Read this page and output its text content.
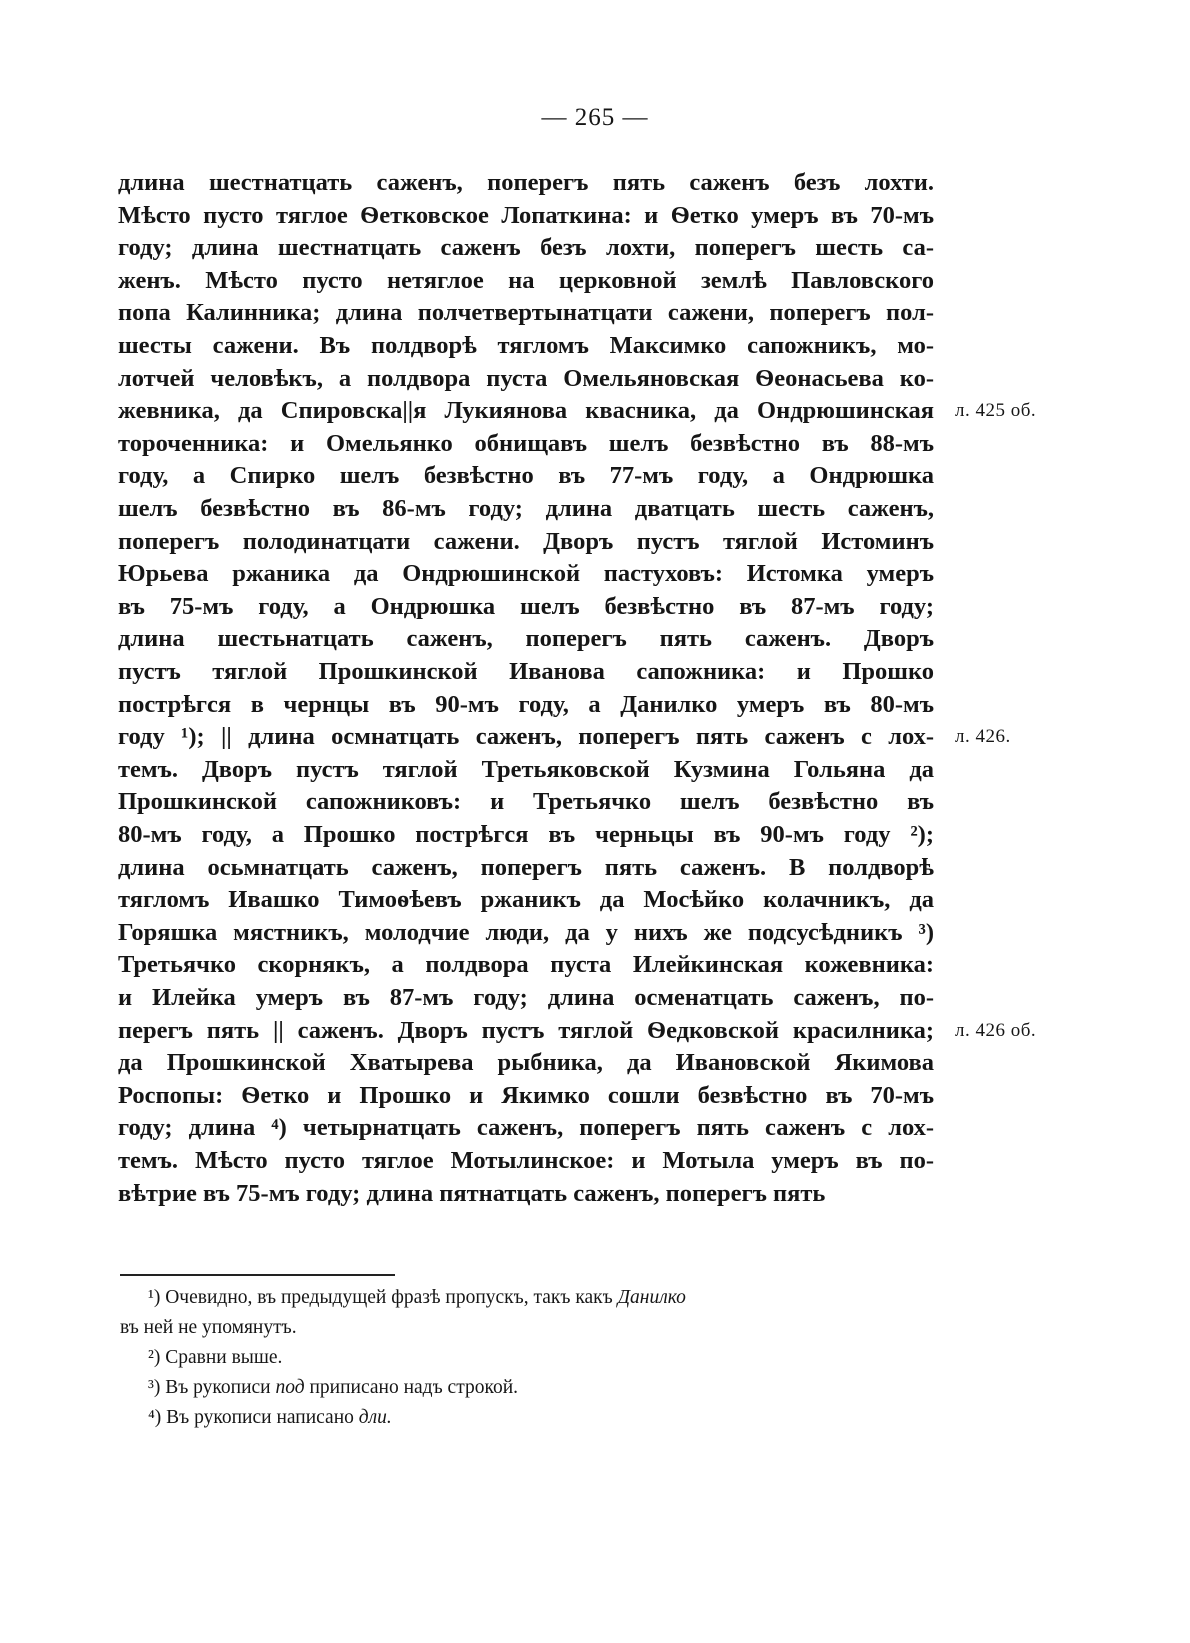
— 265 —
длина шестнатцать саженъ, поперегъ пять саженъ безъ лохти.
Мѣсто пусто тяглое Ѳетковское Лопаткина: и Ѳетко умеръ въ 70-мъ
году; длина шестнатцать саженъ безъ лохти, поперегъ шесть са-
женъ. Мѣсто пусто нетяглое на церковной землѣ Павловского
попа Калинника; длина полчетвертынатцати сажени, поперегъ пол-
шесты сажени. Въ полдворѣ тягломъ Максимко сапожникъ, мо-
лотчей человѣкъ, а полдвора пуста Омельяновская Ѳеонасьева ко-
жевника, да Спировска||я Лукиянова квасника, да Ондрюшинская
тороченника: и Омельянко обнищавъ шелъ безвѣстно въ 88-мъ
году, а Спирко шелъ безвѣстно въ 77-мъ году, а Ондрюшка
шелъ безвѣстно въ 86-мъ году; длина дватцать шесть саженъ,
поперегъ полодинатцати сажени. Дворъ пустъ тяглой Истоминъ
Юрьева ржаника да Ондрюшинской пастуховъ: Истомка умеръ
въ 75-мъ году, а Ондрюшка шелъ безвѣстно въ 87-мъ году;
длина шестьнатцать саженъ, поперегъ пять саженъ. Дворъ
пустъ тяглой Прошкинской Иванова сапожника: и Прошко
пострѣгся в чернцы въ 90-мъ году, а Данилко умеръ въ 80-мъ
году ¹); || длина осмнатцать саженъ, поперегъ пять саженъ с лох-
темъ. Дворъ пустъ тяглой Третьяковской Кузмина Гольяна да
Прошкинской сапожниковъ: и Третьячко шелъ безвѣстно въ
80-мъ году, а Прошко пострѣгся въ черньцы въ 90-мъ году ²);
длина осьмнатцать саженъ, поперегъ пять саженъ. В полдворѣ
тягломъ Ивашко Тимоѳѣевъ ржаникъ да Мосѣйко колачникъ, да
Горяшка мястникъ, молодчие люди, да у нихъ же подсусѣдникъ ³)
Третьячко скорнякъ, а полдвора пуста Илейкинская кожевника:
и Илейка умеръ въ 87-мъ году; длина осменатцать саженъ, по-
перегъ пять || саженъ. Дворъ пустъ тяглой Ѳедковской красилника;
да Прошкинской Хватырева рыбника, да Ивановской Якимова
Роспопы: Ѳетко и Прошко и Якимко сошли безвѣстно въ 70-мъ
году; длина ⁴) четырнатцать саженъ, поперегъ пять саженъ с лох-
темъ. Мѣсто пусто тяглое Мотылинское: и Мотыла умеръ въ по-
вѣтрие въ 75-мъ году; длина пятнатцать саженъ, поперегъ пять
л. 425 об.
л. 426.
л. 426 об.
¹) Очевидно, въ предыдущей фразѣ пропускъ, такъ какъ Данилко
въ ней не упомянутъ.
²) Сравни выше.
³) Въ рукописи под приписано надъ строкой.
⁴) Въ рукописи написано дли.
